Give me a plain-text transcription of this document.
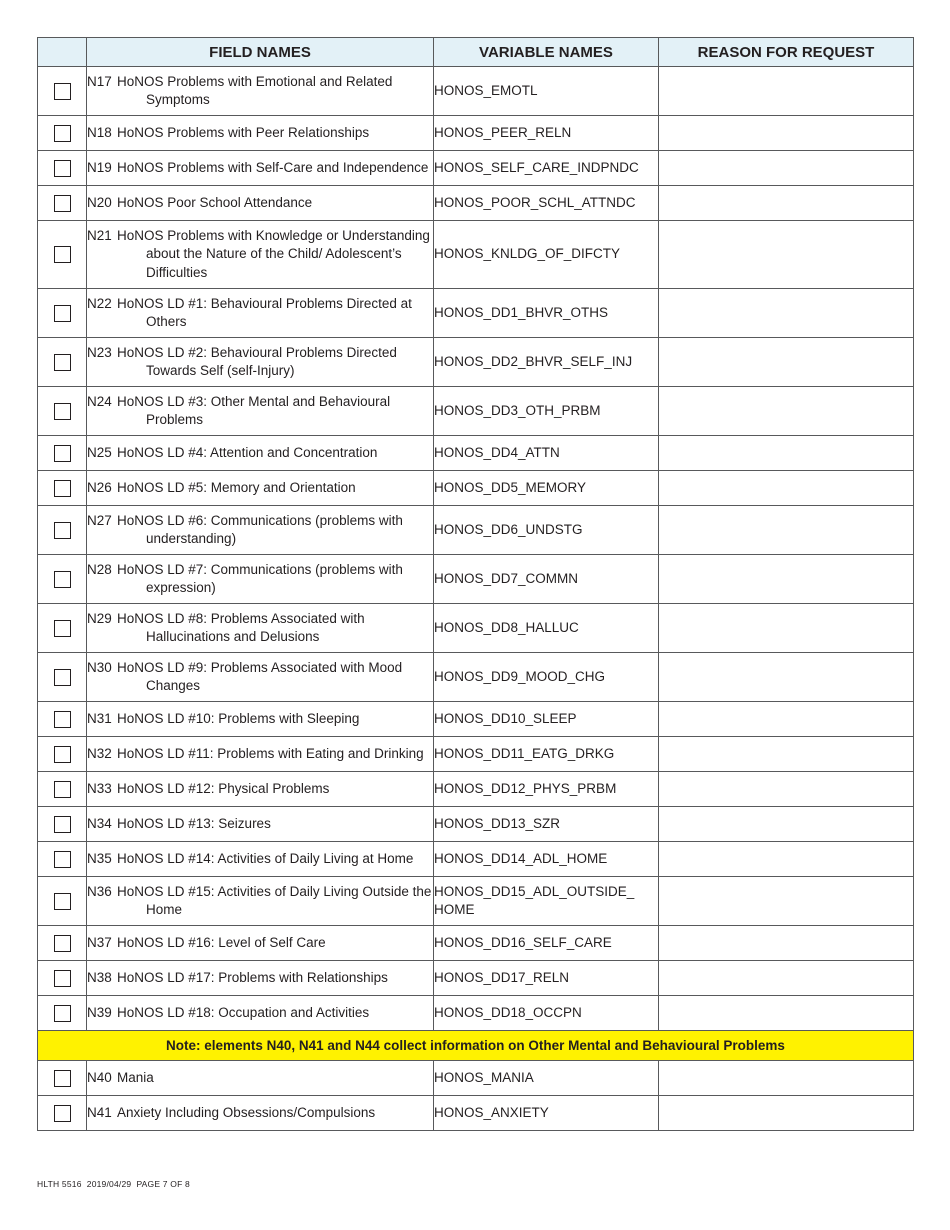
	FIELD NAMES	VARIABLE NAMES	REASON FOR REQUEST

	N17 HoNOS Problems with Emotional and Related Symptoms	HONOS_EMOTL	

	N18 HoNOS Problems with Peer Relationships	HONOS_PEER_RELN	

	N19 HoNOS Problems with Self-Care and Independence	HONOS_SELF_CARE_INDPNDC	

	N20 HoNOS Poor School Attendance	HONOS_POOR_SCHL_ATTNDC	

	N21 HoNOS Problems with Knowledge or Understanding about the Nature of the Child/ Adolescent’s Difficulties	HONOS_KNLDG_OF_DIFCTY	

	N22 HoNOS LD #1: Behavioural Problems Directed at Others	HONOS_DD1_BHVR_OTHS	

	N23 HoNOS LD #2: Behavioural Problems Directed Towards Self (self-Injury)	HONOS_DD2_BHVR_SELF_INJ	

	N24 HoNOS LD #3: Other Mental and Behavioural Problems	HONOS_DD3_OTH_PRBM	

	N25 HoNOS LD #4: Attention and Concentration	HONOS_DD4_ATTN	

	N26 HoNOS LD #5: Memory and Orientation	HONOS_DD5_MEMORY	

	N27 HoNOS LD #6: Communications (problems with understanding)	HONOS_DD6_UNDSTG	

	N28 HoNOS LD #7: Communications (problems with expression)	HONOS_DD7_COMMN	

	N29 HoNOS LD #8: Problems Associated with Hallucinations and Delusions	HONOS_DD8_HALLUC	

	N30 HoNOS LD #9: Problems Associated with Mood Changes	HONOS_DD9_MOOD_CHG	

	N31 HoNOS LD #10: Problems with Sleeping	HONOS_DD10_SLEEP	

	N32 HoNOS LD #11: Problems with Eating and Drinking	HONOS_DD11_EATG_DRKG	

	N33 HoNOS LD #12: Physical Problems	HONOS_DD12_PHYS_PRBM	

	N34 HoNOS LD #13: Seizures	HONOS_DD13_SZR	

	N35 HoNOS LD #14: Activities of Daily Living at Home	HONOS_DD14_ADL_HOME	

	N36 HoNOS LD #15: Activities of Daily Living Outside the Home	HONOS_DD15_ADL_OUTSIDE_ HOME	

	N37 HoNOS LD #16: Level of Self Care	HONOS_DD16_SELF_CARE	

	N38 HoNOS LD #17: Problems with Relationships	HONOS_DD17_RELN	

	N39 HoNOS LD #18: Occupation and Activities	HONOS_DD18_OCCPN	
Note: elements N40, N41 and N44 collect information on Other Mental and Behavioural Problems			

	N40 Mania	HONOS_MANIA	

	N41 Anxiety Including Obsessions/Compulsions	HONOS_ANXIETY	
HLTH 5516 2019/04/29 PAGE 7 OF 8
